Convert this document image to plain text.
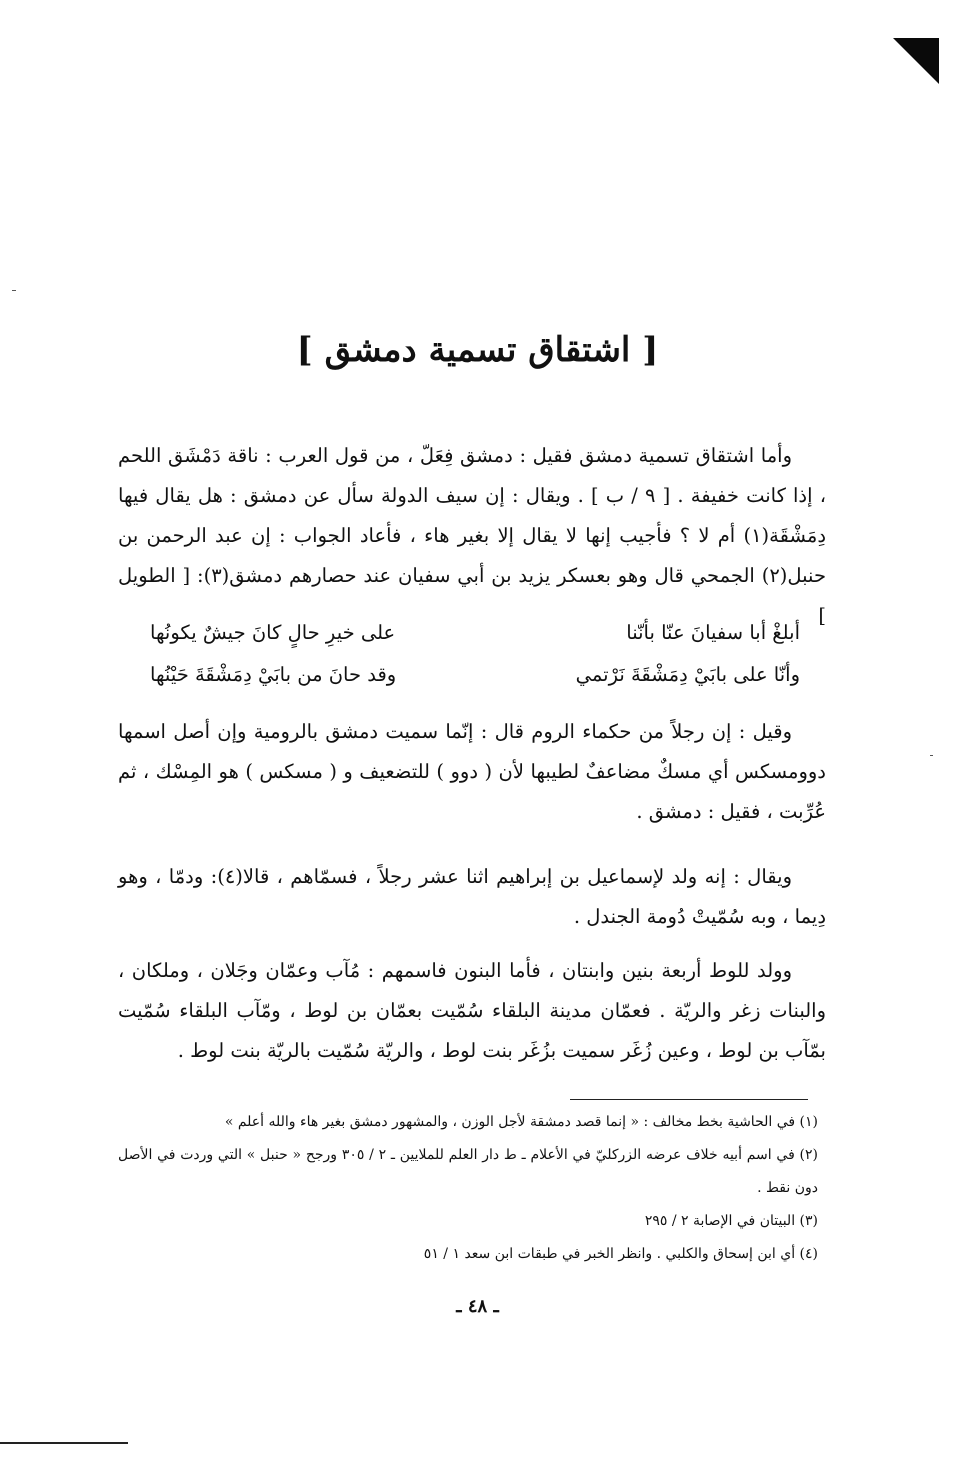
[ اشتقاق تسمية دمشق ]

وأما اشتقاق تسمية دمشق فقيل : دمشق فِعَلّ ، من قول العرب : ناقة دَمْشَق اللحم ، إذا كانت خفيفة . [ ٩ / ب ] . ويقال : إن سيف الدولة سأل عن دمشق : هل يقال فيها دِمَشْقَة(١) أم لا ؟ فأجيب إنها لا يقال إلا بغير هاء ، فأعاد الجواب : إن عبد الرحمن بن حنبل(٢) الجمحي قال وهو بعسكر يزيد بن أبي سفيان عند حصارهم دمشق(٣): [ الطويل ]

أبلغْ أبا سفيانَ عنّا بأنّنا
على خيرِ حالٍ كانَ جيشٌ يكونُها
وأنّا على بابَيْ دِمَشْقَةَ نَرْتمي
وقد حانَ من بابَيْ دِمَشْقَةَ حَيْنُها

وقيل : إن رجلاً من حكماء الروم قال : إنّما سميت دمشق بالرومية وإن أصل اسمها دوومسكس أي مسكٌ مضاعفٌ لطيبها لأن ( دوو ) للتضعيف و ( مسكس ) هو المِسْك ، ثم عُرِّبت ، فقيل : دمشق .

ويقال : إنه ولد لإسماعيل بن إبراهيم اثنا عشر رجلاً ، فسمّاهم ، قالا(٤): ودمّا ، وهو دِيما ، وبه سُمّيتْ دُومة الجندل .

وولد للوط أربعة بنين وابنتان ، فأما البنون فاسمهم : مُآب وعمّان وجَلان ، وملكان ، والبنات زغر والريّة . فعمّان مدينة البلقاء سُمّيت بعمّان بن لوط ، ومّآب البلقاء سُمّيت بمّآب بن لوط ، وعين زُغَر سميت بزُغَر بنت لوط ، والريّة سُمّيت بالريّة بنت لوط .

(١) في الحاشية بخط مخالف : « إنما قصد دمشقة لأجل الوزن ، والمشهور دمشق بغير هاء والله أعلم »

(٢) في اسم أبيه خلاف عرضه الزركليّ في الأعلام ـ ط دار العلم للملايين ـ ٢ / ٣٠٥ ورجح « حنبل » التي وردت في الأصل دون نقط .

(٣) البيتان في الإصابة ٢ / ٢٩٥

(٤) أي ابن إسحاق والكلبي . وانظر الخبر في طبقات ابن سعد ١ / ٥١

ـ ٤٨ ـ
